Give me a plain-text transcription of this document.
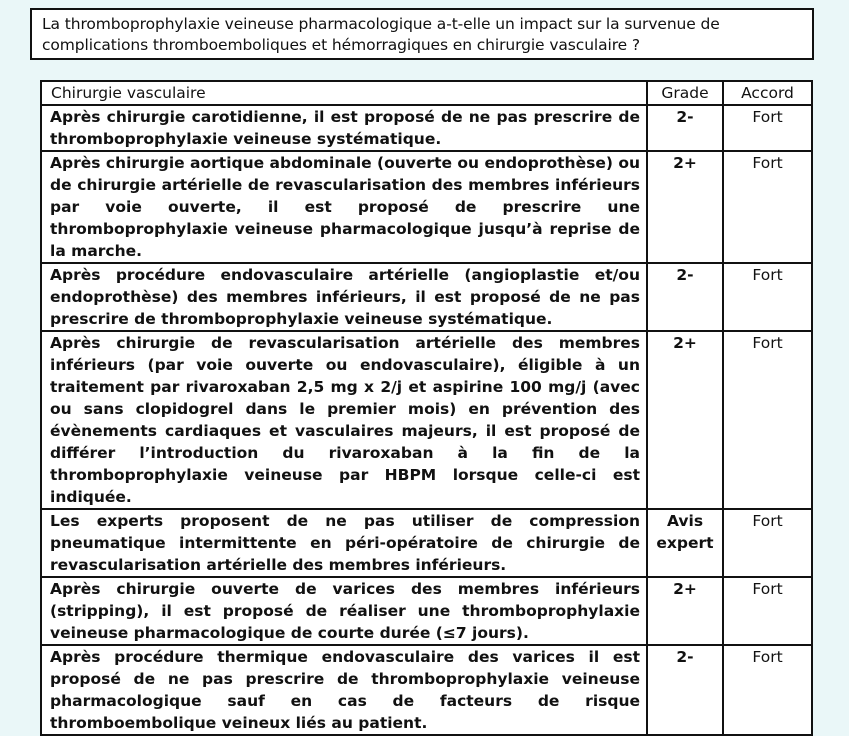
La thromboprophylaxie veineuse pharmacologique a-t-elle un impact sur la survenue de complications thromboemboliques et hémorragiques en chirurgie vasculaire ?
Chirurgie vasculaire	Grade	Accord
Après chirurgie carotidienne, il est proposé de ne pas prescrire de thromboprophylaxie veineuse systématique.	2-	Fort
Après chirurgie aortique abdominale (ouverte ou endoprothèse) ou de chirurgie artérielle de revascularisation des membres inférieurs par voie ouverte, il est proposé de prescrire une thromboprophylaxie veineuse pharmacologique jusqu’à reprise de la marche.	2+	Fort
Après procédure endovasculaire artérielle (angioplastie et/ou endoprothèse) des membres inférieurs, il est proposé de ne pas prescrire de thromboprophylaxie veineuse systématique.	2-	Fort
Après chirurgie de revascularisation artérielle des membres inférieurs (par voie ouverte ou endovasculaire), éligible à un traitement par rivaroxaban 2,5 mg x 2/j et aspirine 100 mg/j (avec ou sans clopidogrel dans le premier mois) en prévention des évènements cardiaques et vasculaires majeurs, il est proposé de différer l’introduction du rivaroxaban à la fin de la thromboprophylaxie veineuse par HBPM lorsque celle-ci est indiquée.	2+	Fort
Les experts proposent de ne pas utiliser de compression pneumatique intermittente en péri-opératoire de chirurgie de revascularisation artérielle des membres inférieurs.	Avis expert	Fort
Après chirurgie ouverte de varices des membres inférieurs (stripping), il est proposé de réaliser une thromboprophylaxie veineuse pharmacologique de courte durée (≤7 jours).	2+	Fort
Après procédure thermique endovasculaire des varices il est proposé de ne pas prescrire de thromboprophylaxie veineuse pharmacologique sauf en cas de facteurs de risque thromboembolique veineux liés au patient.	2-	Fort
